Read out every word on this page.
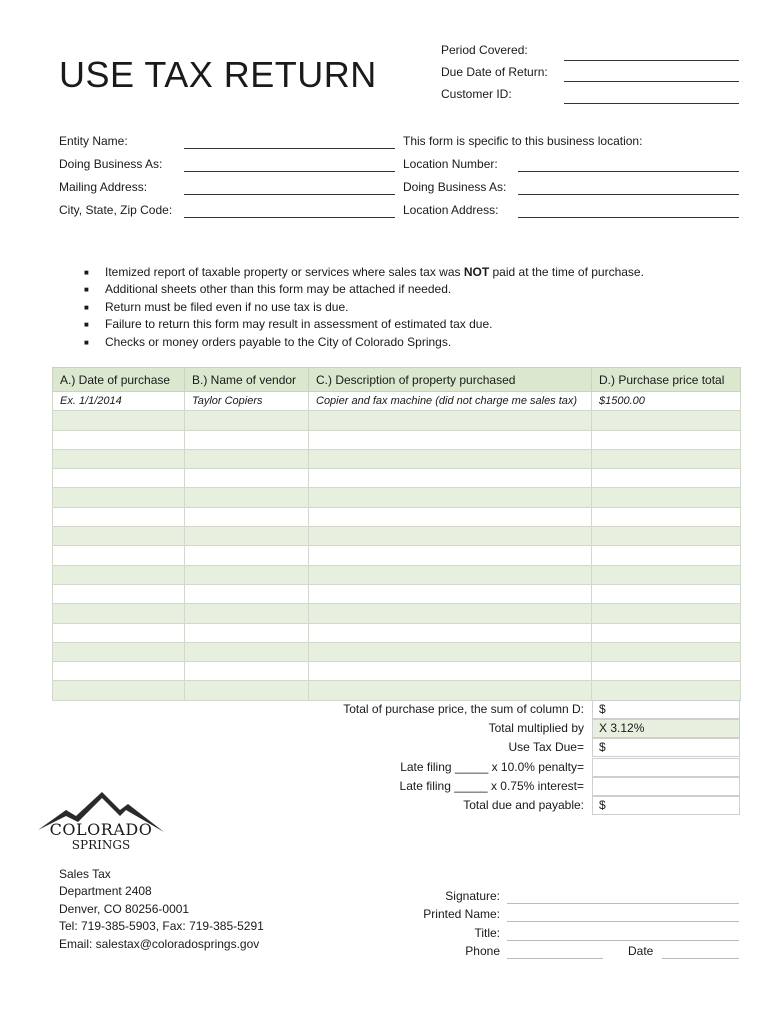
USE TAX RETURN
Period Covered:
Due Date of Return:
Customer ID:
Entity Name:
Doing Business As:
Mailing Address:
City, State, Zip Code:
This form is specific to this business location:
Location Number:
Doing Business As:
Location Address:
■ Itemized report of taxable property or services where sales tax was NOT paid at the time of purchase.
■ Additional sheets other than this form may be attached if needed.
■ Return must be filed even if no use tax is due.
■ Failure to return this form may result in assessment of estimated tax due.
■ Checks or money orders payable to the City of Colorado Springs.
A.) Date of purchase	B.) Name of vendor	C.) Description of property purchased	D.) Purchase price total
Ex. 1/1/2014	Taylor Copiers	Copier and fax machine (did not charge me sales tax)	$1500.00

Total of purchase price, the sum of column D:	$
Total multiplied by	X 3.12%
Use Tax Due=	$
Late filing _____ x 10.0% penalty=
Late filing _____ x 0.75% interest=
Total due and payable:	$
COLORADO
SPRINGS
Sales Tax
Department 2408
Denver, CO 80256-0001
Tel: 719-385-5903, Fax: 719-385-5291
Email: salestax@coloradosprings.gov
Signature:
Printed Name:
Title:
Phone	Date
